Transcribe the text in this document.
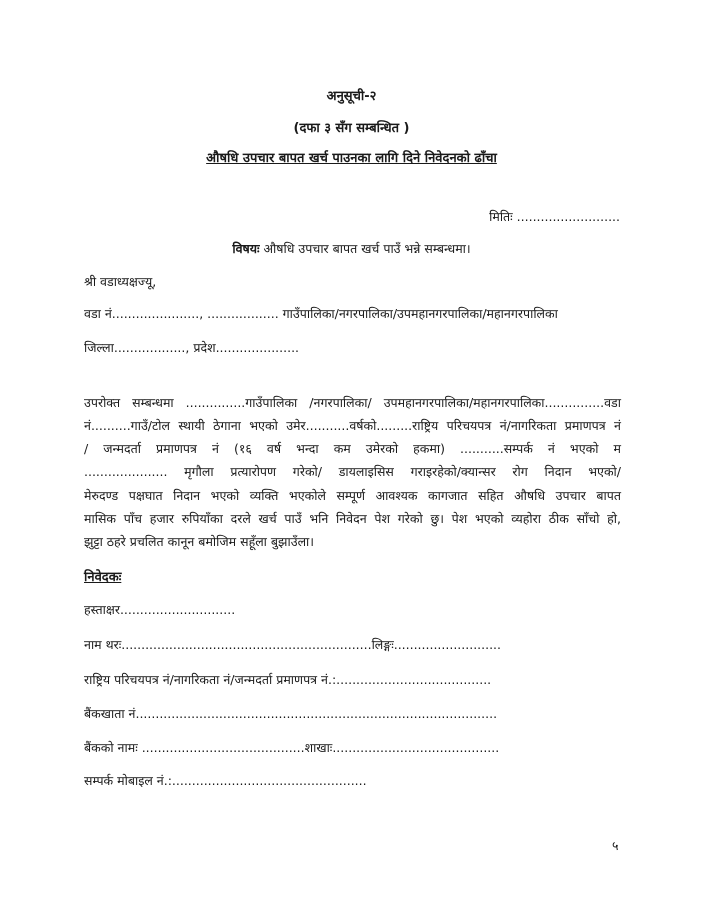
अनुसूची-२
(दफा ३ सँग सम्बन्धित )
औषधि उपचार बापत खर्च पाउनका लागि दिने निवेदनको ढाँचा
मितिः ..........................
विषयः औषधि उपचार बापत खर्च पाउँ भन्ने सम्बन्धमा।
श्री वडाध्यक्षज्यू,
वडा नं......................, .................. गाउँपालिका/नगरपालिका/उपमहानगरपालिका/महानगरपालिका
जिल्ला.................., प्रदेश.....................
उपरोक्त सम्बन्धमा ...............गाउँपालिका /नगरपालिका/ उपमहानगरपालिका/महानगरपालिका...............वडा
नं..........गाउँ/टोल स्थायी ठेगाना भएको उमेर...........वर्षको.........राष्ट्रिय परिचयपत्र नं/नागरिकता प्रमाणपत्र नं
/ जन्मदर्ता प्रमाणपत्र नं (१६ वर्ष भन्दा कम उमेरको हकमा) ...........सम्पर्क नं भएको म
..................... मृगौला प्रत्यारोपण गरेको/ डायलाइसिस गराइरहेको/क्यान्सर रोग निदान भएको/
मेरुदण्ड पक्षघात निदान भएको व्यक्ति भएकोले सम्पूर्ण आवश्यक कागजात सहित औषधि उपचार बापत
मासिक पाँच हजार रुपियाँका दरले खर्च पाउँ भनि निवेदन पेश गरेको छु। पेश भएको व्यहोरा ठीक साँचो हो,
झुट्टा ठहरे प्रचलित कानून बमोजिम सहूँला बुझाउँला।
निवेदकः
हस्ताक्षर.............................
नाम थरः...............................................................लिङ्गः...........................
राष्ट्रिय परिचयपत्र नं/नागरिकता नं/जन्मदर्ता प्रमाणपत्र नं.:.......................................
बैंकखाता नं...........................................................................................
बैंकको नामः .........................................शाखाः..........................................
सम्पर्क मोबाइल नं.:.................................................
५
